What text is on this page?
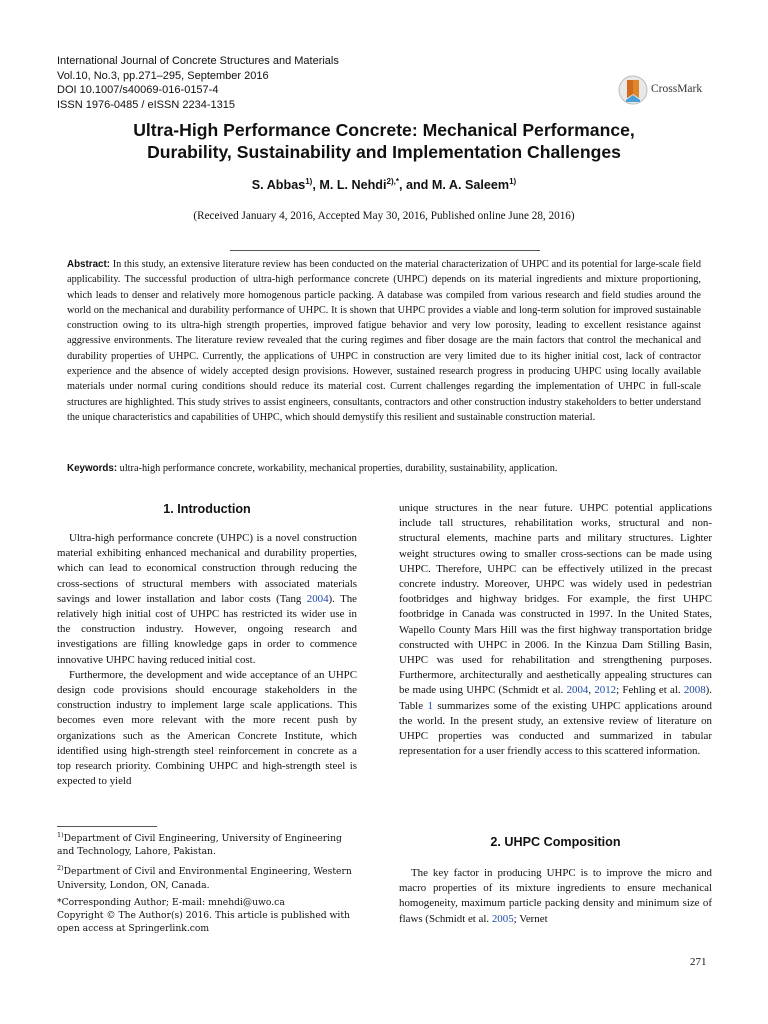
International Journal of Concrete Structures and Materials
Vol.10, No.3, pp.271–295, September 2016
DOI 10.1007/s40069-016-0157-4
ISSN 1976-0485 / eISSN 2234-1315
CrossMark
Ultra-High Performance Concrete: Mechanical Performance,
Durability, Sustainability and Implementation Challenges
S. Abbas$^{1)}$, M. L. Nehdi$^{2),*}$, and M. A. Saleem$^{1)}$
(Received January 4, 2016, Accepted May 30, 2016, Published online June 28, 2016)
Abstract: In this study, an extensive literature review has been conducted on the material characterization of UHPC and its potential for large-scale field applicability. The successful production of ultra-high performance concrete (UHPC) depends on its material ingredients and mixture proportioning, which leads to denser and relatively more homogenous particle packing. A database was compiled from various research and field studies around the world on the mechanical and durability performance of UHPC. It is shown that UHPC provides a viable and long-term solution for improved sustainable construction owing to its ultra-high strength properties, improved fatigue behavior and very low porosity, leading to excellent resistance against aggressive environments. The literature review revealed that the curing regimes and fiber dosage are the main factors that control the mechanical and durability properties of UHPC. Currently, the applications of UHPC in construction are very limited due to its higher initial cost, lack of contractor experience and the absence of widely accepted design provisions. However, sustained research progress in producing UHPC using locally available materials under normal curing conditions should reduce its material cost. Current challenges regarding the implementation of UHPC in full-scale structures are highlighted. This study strives to assist engineers, consultants, contractors and other construction industry stakeholders to better understand the unique characteristics and capabilities of UHPC, which should demystify this resilient and sustainable construction material.
Keywords: ultra-high performance concrete, workability, mechanical properties, durability, sustainability, application.
1. Introduction

Ultra-high performance concrete (UHPC) is a novel construction material exhibiting enhanced mechanical and durability properties, which can lead to economical construction through reducing the cross-sections of structural members with associated materials savings and lower installation and labor costs (Tang 2004). The relatively high initial cost of UHPC has restricted its wider use in the construction industry. However, ongoing research and investigations are filling knowledge gaps in order to commence innovative UHPC having reduced initial cost.

Furthermore, the development and wide acceptance of an UHPC design code provisions should encourage stakeholders in the construction industry to implement large scale applications. This becomes even more relevant with the more recent push by organizations such as the American Concrete Institute, which identified using high-strength steel reinforcement in concrete as a top research priority. Combining UHPC and high-strength steel is expected to yield

unique structures in the near future. UHPC potential applications include tall structures, rehabilitation works, structural and non-structural elements, machine parts and military structures. Lighter weight structures owing to smaller cross-sections can be made using UHPC. Therefore, UHPC can be effectively utilized in the precast concrete industry. Moreover, UHPC was widely used in pedestrian footbridges and highway bridges. For example, the first UHPC footbridge in Canada was constructed in 1997. In the United States, Wapello County Mars Hill was the first highway transportation bridge constructed with UHPC in 2006. In the Kinzua Dam Stilling Basin, UHPC was used for rehabilitation and strengthening purposes. Furthermore, architecturally and aesthetically appealing structures can be made using UHPC (Schmidt et al. 2004, 2012; Fehling et al. 2008). Table 1 summarizes some of the existing UHPC applications around the world. In the present study, an extensive review of literature on UHPC properties was conducted and summarized in tabular representation for a user friendly access to this scattered information.

2. UHPC Composition

The key factor in producing UHPC is to improve the micro and macro properties of its mixture ingredients to ensure mechanical homogeneity, maximum particle packing density and minimum size of flaws (Schmidt et al. 2005; Vernet

$^{1)}$Department of Civil Engineering, University of Engineering and Technology, Lahore, Pakistan.
$^{2)}$Department of Civil and Environmental Engineering, Western University, London, ON, Canada.
*Corresponding Author; E-mail: mnehdi@uwo.ca
Copyright © The Author(s) 2016. This article is published with open access at Springerlink.com
271
